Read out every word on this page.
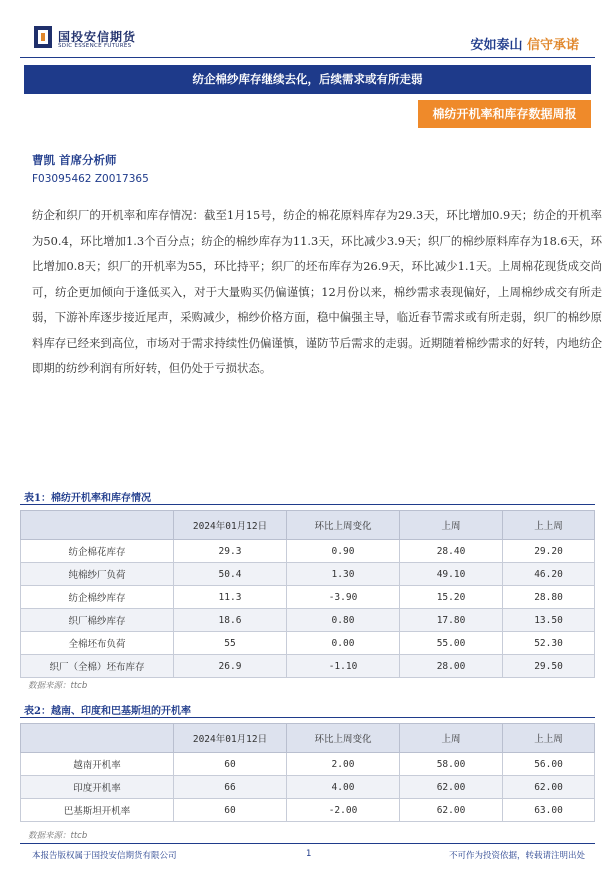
国投安信期货
SDIC ESSENCE FUTURES	安如泰山 信守承诺
纺企棉纱库存继续去化，后续需求或有所走弱
棉纺开机率和库存数据周报
曹凯 首席分析师
F03095462 Z0017365
纺企和织厂的开机率和库存情况：截至1月15号，纺企的棉花原料库存为29.3天，环比增加0.9天；纺企的开机率为50.4，环比增加1.3个百分点；纺企的棉纱库存为11.3天，环比减少3.9天；织厂的棉纱原料库存为18.6天，环比增加0.8天；织厂的开机率为55，环比持平；织厂的坯布库存为26.9天，环比减少1.1天。上周棉花现货成交尚可，纺企更加倾向于逢低买入，对于大量购买仍偏谨慎；12月份以来，棉纱需求表现偏好，上周棉纱成交有所走弱，下游补库逐步接近尾声，采购减少，棉纱价格方面，稳中偏强主导，临近春节需求或有所走弱，织厂的棉纱原料库存已经来到高位，市场对于需求持续性仍偏谨慎，谨防节后需求的走弱。近期随着棉纱需求的好转，内地纺企即期的纺纱利润有所好转，但仍处于亏损状态。
表1：棉纺开机率和库存情况
	2024年01月12日	环比上周变化	上周	上上周
纺企棉花库存	29.3	0.90	28.40	29.20
纯棉纱厂负荷	50.4	1.30	49.10	46.20
纺企棉纱库存	11.3	-3.90	15.20	28.80
织厂棉纱库存	18.6	0.80	17.80	13.50
全棉坯布负荷	55	0.00	55.00	52.30
织厂（全棉）坯布库存	26.9	-1.10	28.00	29.50
数据来源：ttcb
表2：越南、印度和巴基斯坦的开机率
	2024年01月12日	环比上周变化	上周	上上周
越南开机率	60	2.00	58.00	56.00
印度开机率	66	4.00	62.00	62.00
巴基斯坦开机率	60	-2.00	62.00	63.00
数据来源：ttcb
本报告版权属于国投安信期货有限公司	1	不可作为投资依据，转载请注明出处
